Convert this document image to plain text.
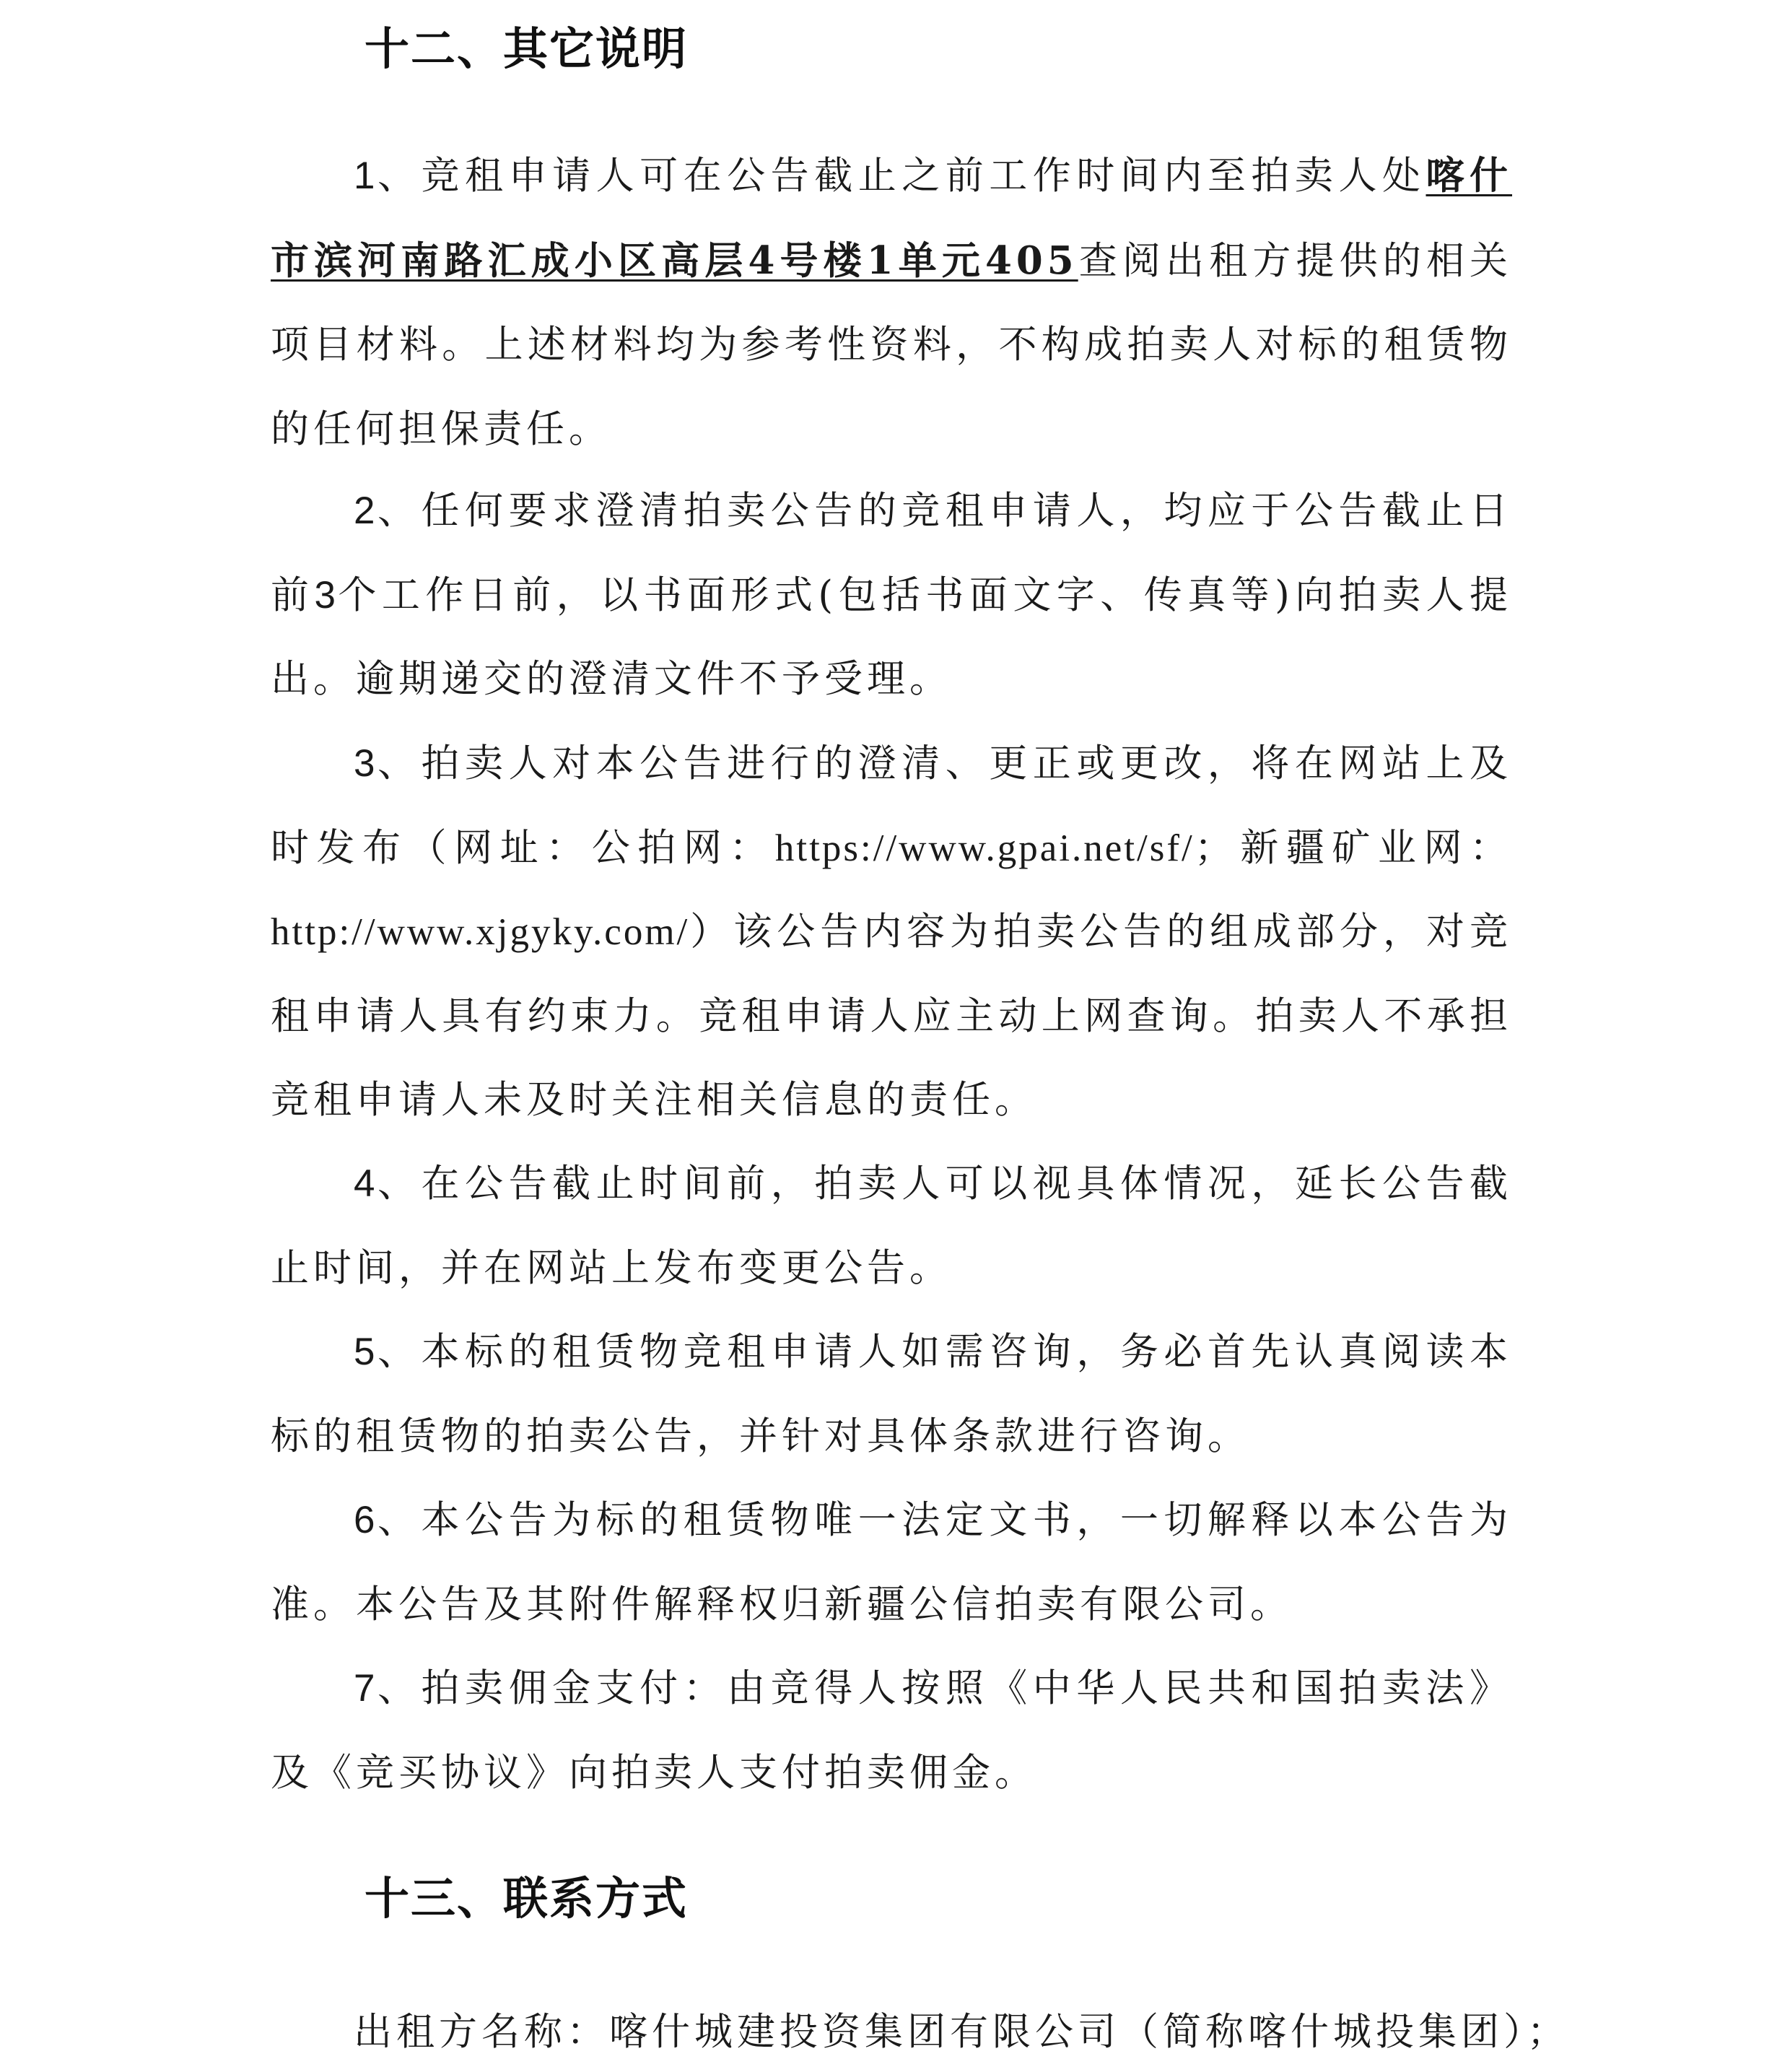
十二、其它说明

1、竞租申请人可在公告截止之前工作时间内至拍卖人处喀什市滨河南路汇成小区高层4号楼1单元405查阅出租方提供的相关项目材料。上述材料均为参考性资料，不构成拍卖人对标的租赁物的任何担保责任。

2、任何要求澄清拍卖公告的竞租申请人，均应于公告截止日前3个工作日前，以书面形式(包括书面文字、传真等)向拍卖人提出。逾期递交的澄清文件不予受理。

3、拍卖人对本公告进行的澄清、更正或更改，将在网站上及时发布（网址：公拍网：https://www.gpai.net/sf/；新疆矿业网：http://www.xjgyky.com/）该公告内容为拍卖公告的组成部分，对竞租申请人具有约束力。竞租申请人应主动上网查询。拍卖人不承担竞租申请人未及时关注相关信息的责任。

4、在公告截止时间前，拍卖人可以视具体情况，延长公告截止时间，并在网站上发布变更公告。

5、本标的租赁物竞租申请人如需咨询，务必首先认真阅读本标的租赁物的拍卖公告，并针对具体条款进行咨询。

6、本公告为标的租赁物唯一法定文书，一切解释以本公告为准。本公告及其附件解释权归新疆公信拍卖有限公司。

7、拍卖佣金支付：由竞得人按照《中华人民共和国拍卖法》及《竞买协议》向拍卖人支付拍卖佣金。

十三、联系方式

出租方名称：喀什城建投资集团有限公司（简称喀什城投集团）；
